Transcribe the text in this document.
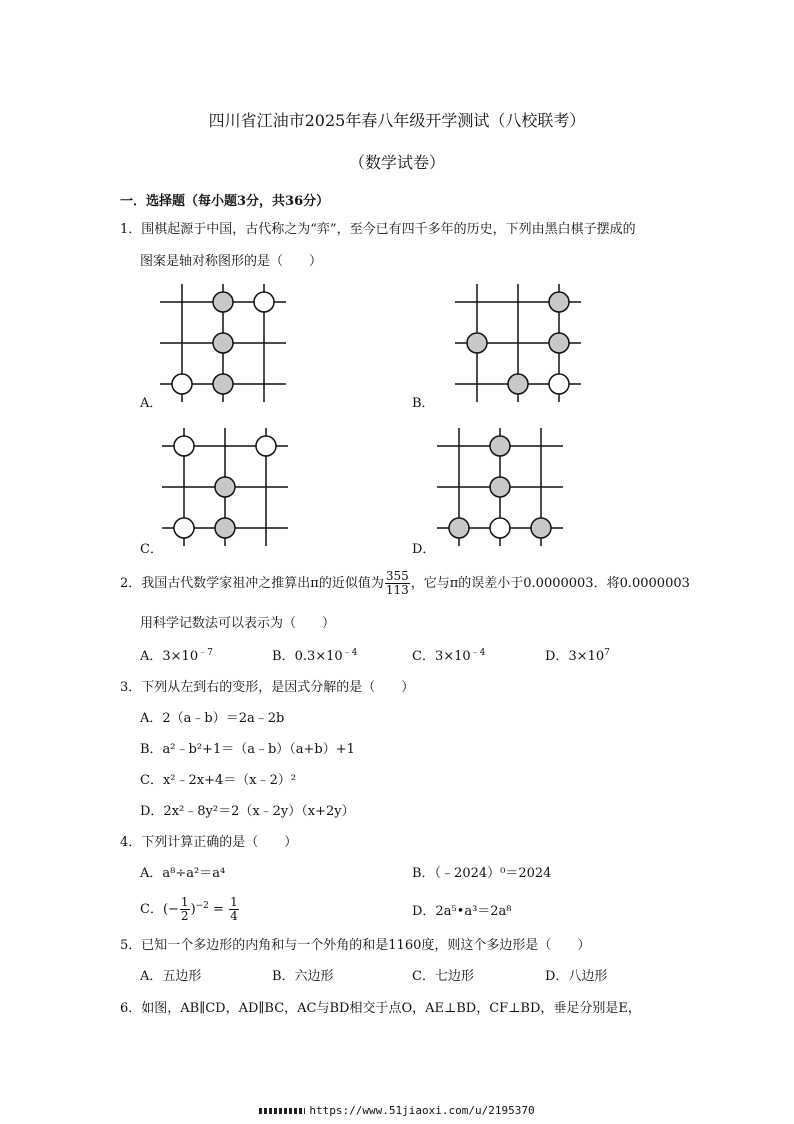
四川省江油市2025年春八年级开学测试（八校联考）
（数学试卷）
一．选择题（每小题3分，共36分）
1．围棋起源于中国，古代称之为“弈”，至今已有四千多年的历史，下列由黑白棋子摆成的
图案是轴对称图形的是（　　）
A．	B．
C．	D．
2．我国古代数学家祖冲之推算出π的近似值为 $\frac{355}{113}$ ，它与π的误差小于0.0000003．将0.0000003
用科学记数法可以表示为（　　）
A．$3\times 10^{﹣7}$	B．$0.3\times 10^{﹣4}$	C．$3\times 10^{﹣4}$	D．$3\times 10^7$
3．下列从左到右的变形，是因式分解的是（　　）
A．2（a﹣b）＝2a﹣2b
B．a²﹣b²+1＝（a﹣b）（a+b）+1
C．x²﹣2x+4＝（x﹣2）²
D．2x²﹣8y²＝2（x﹣2y）（x+2y）
4．下列计算正确的是（　　）
A．a⁸÷a²＝a⁴	B．（﹣2024）⁰＝2024
C．(− $\frac{1}{2} )^{-2} = \frac{1}{4}$	D．2a⁵•a³＝2a⁸
5．已知一个多边形的内角和与一个外角的和是1160度，则这个多边形是（　　）
A．五边形	B．六边形	C．七边形	D．八边形
6．如图，AB∥CD，AD∥BC，AC与BD相交于点O，AE⊥BD，CF⊥BD，垂足分别是E，
https://www.51jiaoxi.com/u/2195370
